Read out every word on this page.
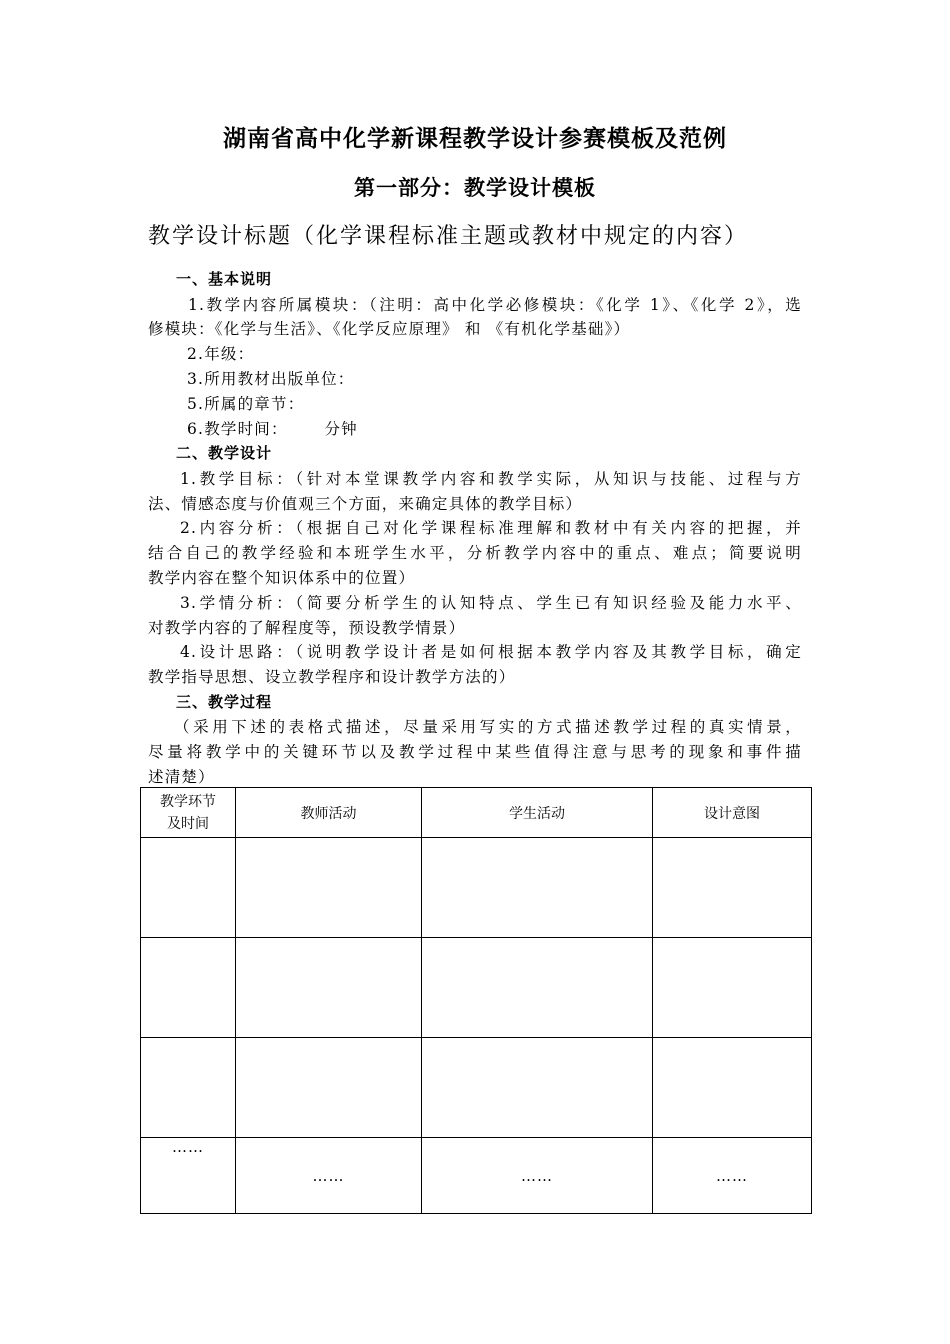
湖南省高中化学新课程教学设计参赛模板及范例
第一部分：教学设计模板
教学设计标题（化学课程标准主题或教材中规定的内容）
一、基本说明
1.教学内容所属模块：（注明：高中化学必修模块：《化学 1》、《化学 2》，选
修模块：《化学与生活》、《化学反应原理》 和 《有机化学基础》）
2.年级：
3.所用教材出版单位：
5.所属的章节：
6.教学时间：      分钟
二、教学设计
1.教学目标：（针对本堂课教学内容和教学实际，从知识与技能、过程与方
法、情感态度与价值观三个方面，来确定具体的教学目标）
2.内容分析：（根据自己对化学课程标准理解和教材中有关内容的把握，并
结合自己的教学经验和本班学生水平，分析教学内容中的重点、难点；简要说明
教学内容在整个知识体系中的位置）
3.学情分析：（简要分析学生的认知特点、学生已有知识经验及能力水平、
对教学内容的了解程度等，预设教学情景）
4.设计思路：（说明教学设计者是如何根据本教学内容及其教学目标，确定
教学指导思想、设立教学程序和设计教学方法的）
三、教学过程
（采用下述的表格式描述，尽量采用写实的方式描述教学过程的真实情景，
尽量将教学中的关键环节以及教学过程中某些值得注意与思考的现象和事件描
述清楚）
教学环节
及时间	教师活动	学生活动	设计意图

……	……	……	……
